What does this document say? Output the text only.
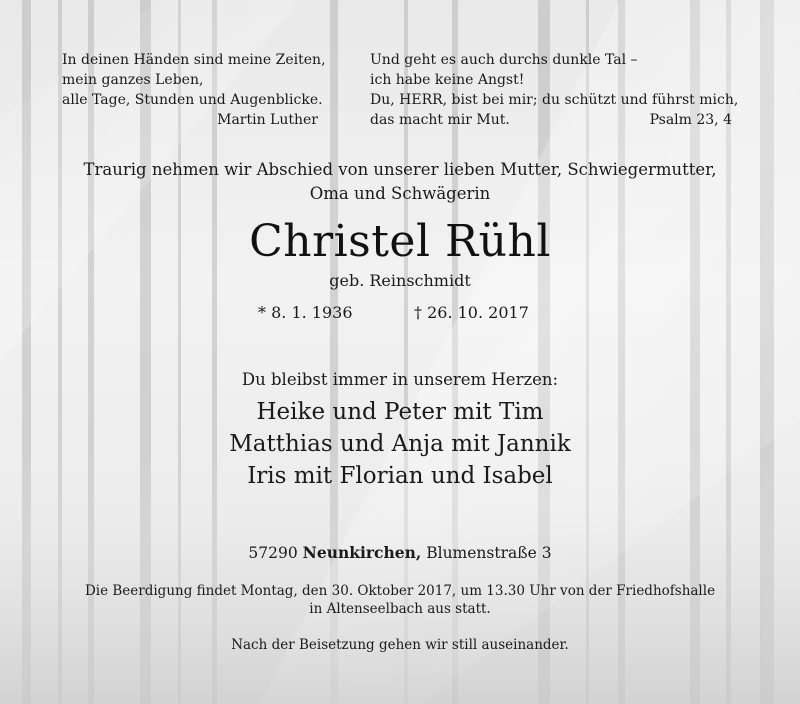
In deinen Händen sind meine Zeiten,
mein ganzes Leben,
alle Tage, Stunden und Augenblicke.
Martin Luther
Und geht es auch durchs dunkle Tal –
ich habe keine Angst!
Du, HERR, bist bei mir; du schützt und führst mich,
das macht mir Mut.	Psalm 23, 4
Traurig nehmen wir Abschied von unserer lieben Mutter, Schwiegermutter,
Oma und Schwägerin
Christel Rühl
geb. Reinschmidt
* 8. 1. 1936	† 26. 10. 2017
Du bleibst immer in unserem Herzen:
Heike und Peter mit Tim
Matthias und Anja mit Jannik
Iris mit Florian und Isabel
57290 Neunkirchen, Blumenstraße 3
Die Beerdigung findet Montag, den 30. Oktober 2017, um 13.30 Uhr von der Friedhofshalle
in Altenseelbach aus statt.
Nach der Beisetzung gehen wir still auseinander.
